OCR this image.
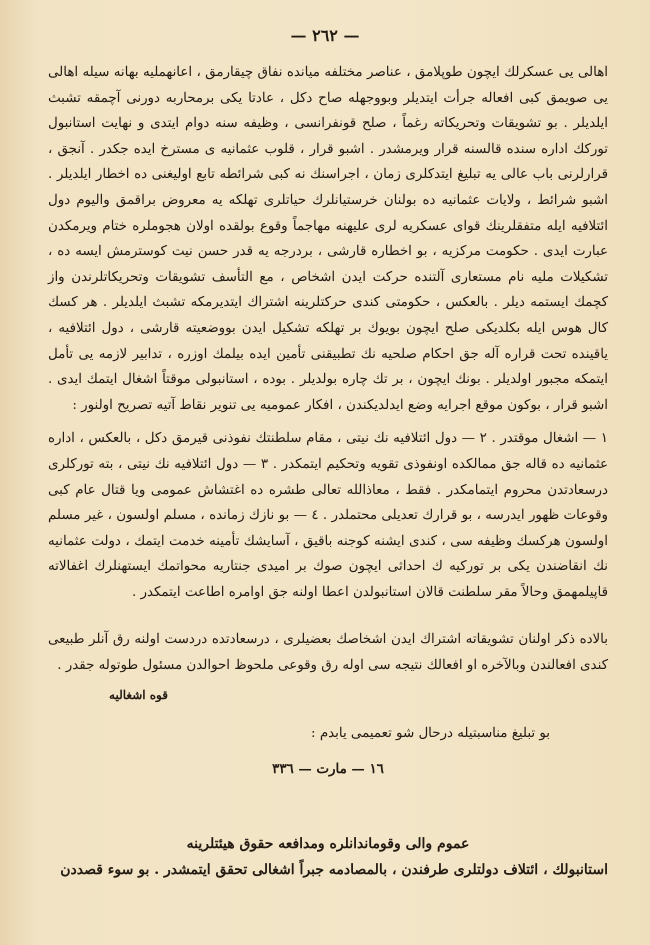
— ٢٦٢ —

اهالى يى عسكرلك ايچون طوپلامق ، عناصر مختلفه ميانده نفاق چيقارمق ، اعانهمليه بهانه سيله اهالى يى صويمق كبى افعاله جرأت ايتديلر وبووجهله صاح دكل ، عادتا يكى برمحاربه دورنى آچمقه تشبث ايلديلر . بو تشويقات وتحريكاته رغماً ، صلح قونفرانسى ، وظيفه سنه دوام ايتدى و نهايت استانبول توركك اداره سنده قالسنه قرار ويرمشدر . اشبو قرار ، قلوب عثمانيه ى مسترخ ايده جكدر . آنجق ، قرارلرنى باب عالى يه تبليغ ايتدكلرى زمان ، اجراسنك نه كبى شرائطه تابع اوليغنى ده اخطار ايلديلر . اشبو شرائط ، ولايات عثمانيه ده بولنان خرستيانلرك حياتلرى تهلكه يه معروض براقمق واليوم دول ائتلافيه ايله متفقلرينك قواى عسكريه لرى عليهنه مهاجماً وقوع بولقده اولان هجوملره ختام ويرمكدن عبارت ايدى . حكومت مركزيه ، بو اخطاره قارشى ، بردرجه يه قدر حسن نيت كوسترمش ايسه ده ، تشكيلات مليه نام مستعارى آلتنده حركت ايدن اشخاص ، مع التأسف تشويقات وتحريكاتلرندن واز كچمك ايستمه ديلر . بالعكس ، حكومتى كندى حركتلرينه اشتراك ايتديرمكه تشبث ايلديلر . هر كسك كال هوس ايله بكلديكى صلح ايچون بويوك بر تهلكه تشكيل ايدن بووضعيته قارشى ، دول ائتلافيه ، ياقينده تحت قراره آله جق احكام صلحيه نك تطبيقنى تأمين ايده بيلمك اوزره ، تدابير لازمه يى تأمل ايتمكه مجبور اولديلر . بونك ايچون ، بر تك چاره بولديلر . بوده ، استانبولى موقتاً اشغال ايتمك ايدى . اشبو قرار ، بوكون موقع اجرايه وضع ايدلديكندن ، افكار عموميه يى تنوير نقاط آتيه تصريح اولنور :

١ — اشغال موقتدر . ٢ — دول ائتلافيه نك نيتى ، مقام سلطنتك نفوذنى قيرمق دكل ، بالعكس ، اداره عثمانيه ده قاله جق ممالكده اونفوذى تقويه وتحكيم ايتمكدر . ٣ — دول ائتلافيه نك نيتى ، بته توركلرى درسعادتدن محروم ايتمامكدر . فقط ، معاذالله تعالى طشره ده اغتشاش عمومى ويا قتال عام كبى وقوعات ظهور ايدرسه ، بو قرارك تعديلى محتملدر . ٤ — بو نازك زمانده ، مسلم اولسون ، غير مسلم اولسون هركسك وظيفه سى ، كندى ايشنه كوجنه باقيق ، آسايشك تأمينه خدمت ايتمك ، دولت عثمانيه نك انقاضندن يكى بر توركيه ك احداثى ايچون صوك بر اميدى جنتاريه محواتمك ايستهنلرك اغفالاته قاپيلمهمق وحالاً مقر سلطنت قالان استانبولدن اعطا اولنه جق اوامره اطاعت ايتمكدر .

بالاده ذكر اولنان تشويقاته اشتراك ايدن اشخاصك بعضيلرى ، درسعادتده دردست اولنه رق آنلر طبيعى كندى افعالندن وبالآخره او افعالك نتيجه سى اوله رق وقوعى ملحوظ احوالدن مسئول طوتوله جقدر .

قوه اشغاليه
بو تبليغ مناسبتيله درحال شو تعميمى يابدم :
١٦ — مارت — ٣٣٦
عموم والى وقوماندانلره ومدافعه حقوق هيئتلرينه

استانبولك ، ائتلاف دولتلرى طرفندن ، بالمصادمه جبراً اشغالى تحقق ايتمشدر . بو سوء قصددن
